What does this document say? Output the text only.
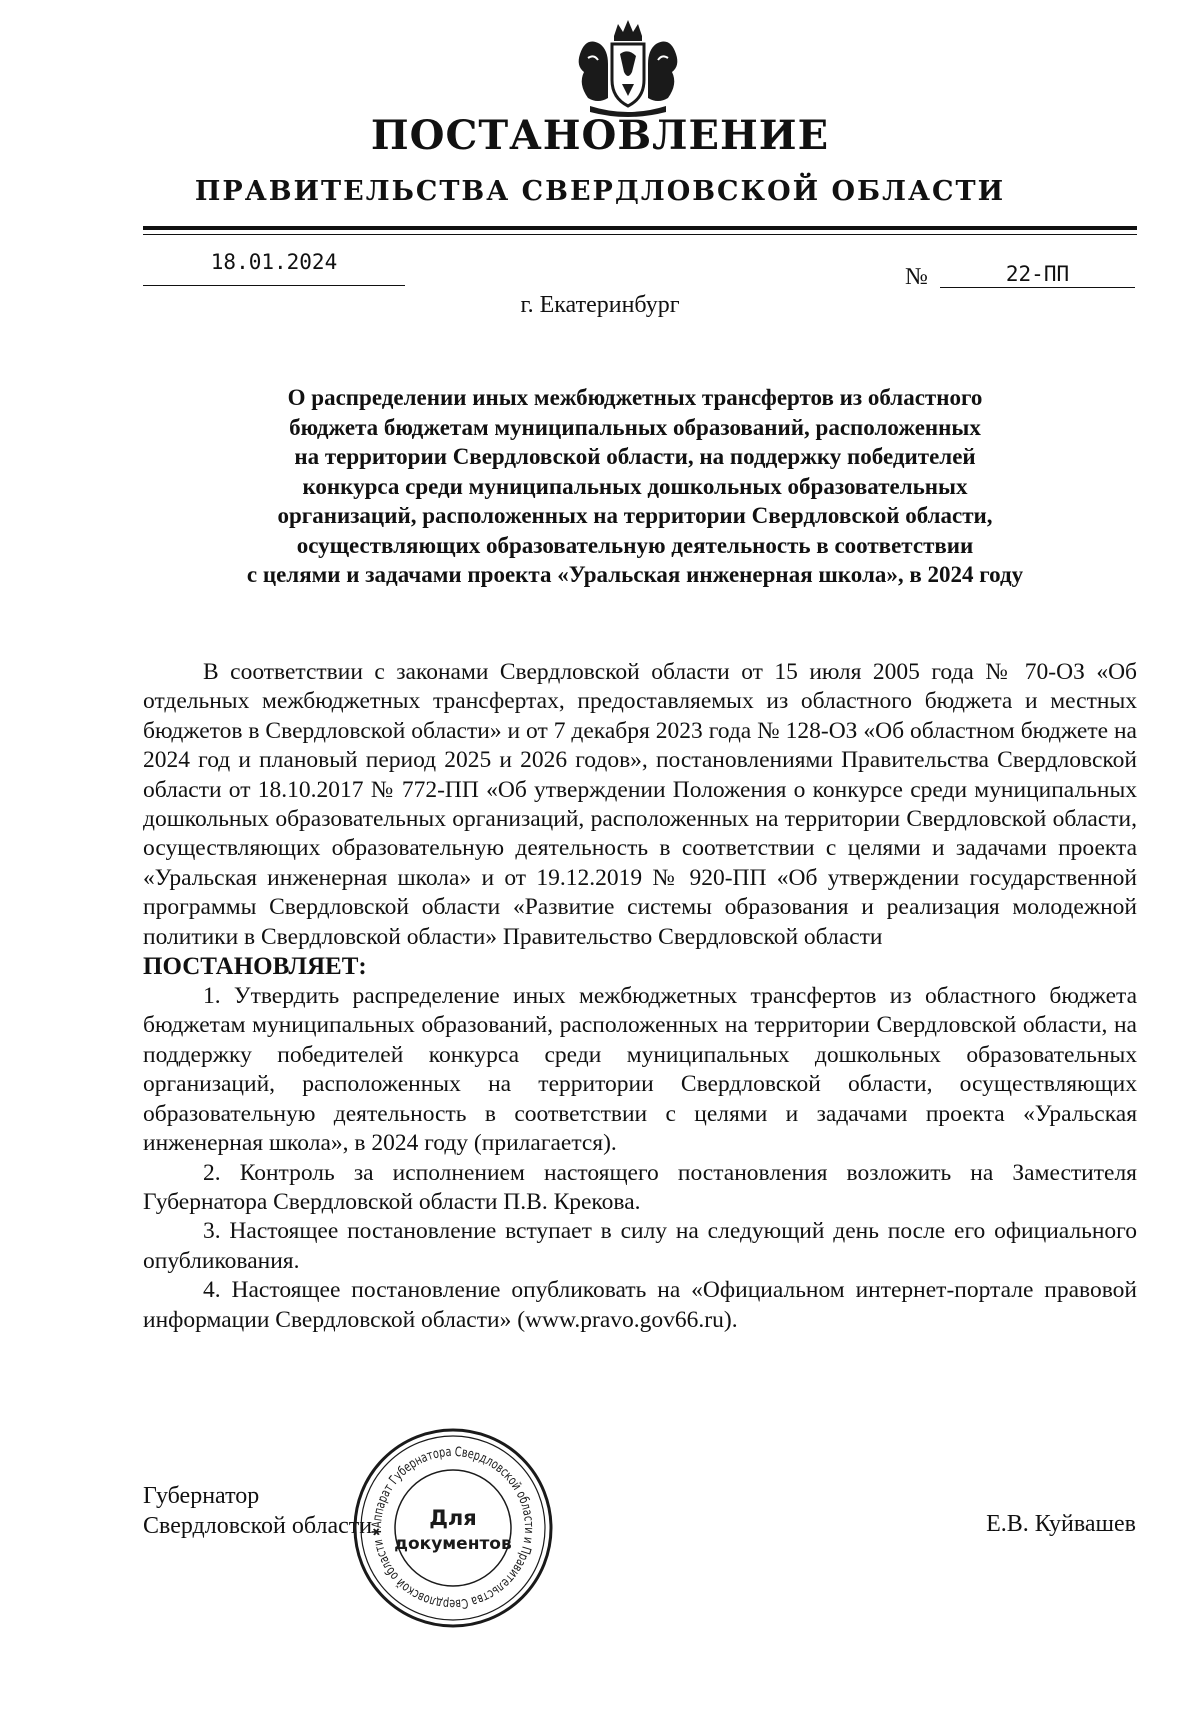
ПОСТАНОВЛЕНИЕ
ПРАВИТЕЛЬСТВА СВЕРДЛОВСКОЙ ОБЛАСТИ
18.01.2024
№	22-ПП
г. Екатеринбург
О распределении иных межбюджетных трансфертов из областного
бюджета бюджетам муниципальных образований, расположенных
на территории Свердловской области, на поддержку победителей
конкурса среди муниципальных дошкольных образовательных
организаций, расположенных на территории Свердловской области,
осуществляющих образовательную деятельность в соответствии
с целями и задачами проекта «Уральская инженерная школа», в 2024 году

В соответствии с законами Свердловской области от 15 июля 2005 года № 70-ОЗ «Об отдельных межбюджетных трансфертах, предоставляемых из областного бюджета и местных бюджетов в Свердловской области» и от 7 декабря 2023 года № 128-ОЗ «Об областном бюджете на 2024 год и плановый период 2025 и 2026 годов», постановлениями Правительства Свердловской области от 18.10.2017 № 772-ПП «Об утверждении Положения о конкурсе среди муниципальных дошкольных образовательных организаций, расположенных на территории Свердловской области, осуществляющих образовательную деятельность в соответствии с целями и задачами проекта «Уральская инженерная школа» и от 19.12.2019 № 920-ПП «Об утверждении государственной программы Свердловской области «Развитие системы образования и реализация молодежной политики в Свердловской области» Правительство Свердловской области

ПОСТАНОВЛЯЕТ:

1. Утвердить распределение иных межбюджетных трансфертов из областного бюджета бюджетам муниципальных образований, расположенных на территории Свердловской области, на поддержку победителей конкурса среди муниципальных дошкольных образовательных организаций, расположенных на территории Свердловской области, осуществляющих образовательную деятельность в соответствии с целями и задачами проекта «Уральская инженерная школа», в 2024 году (прилагается).

2. Контроль за исполнением настоящего постановления возложить на Заместителя Губернатора Свердловской области П.В. Крекова.

3. Настоящее постановление вступает в силу на следующий день после его официального опубликования.

4. Настоящее постановление опубликовать на «Официальном интернет-портале правовой информации Свердловской области» (www.pravo.gov66.ru).

Губернатор
Свердловской области	Е.В. Куйвашев
Аппарат Губернатора Свердловской области и Правительства Свердловской области ✱
Для
документов
